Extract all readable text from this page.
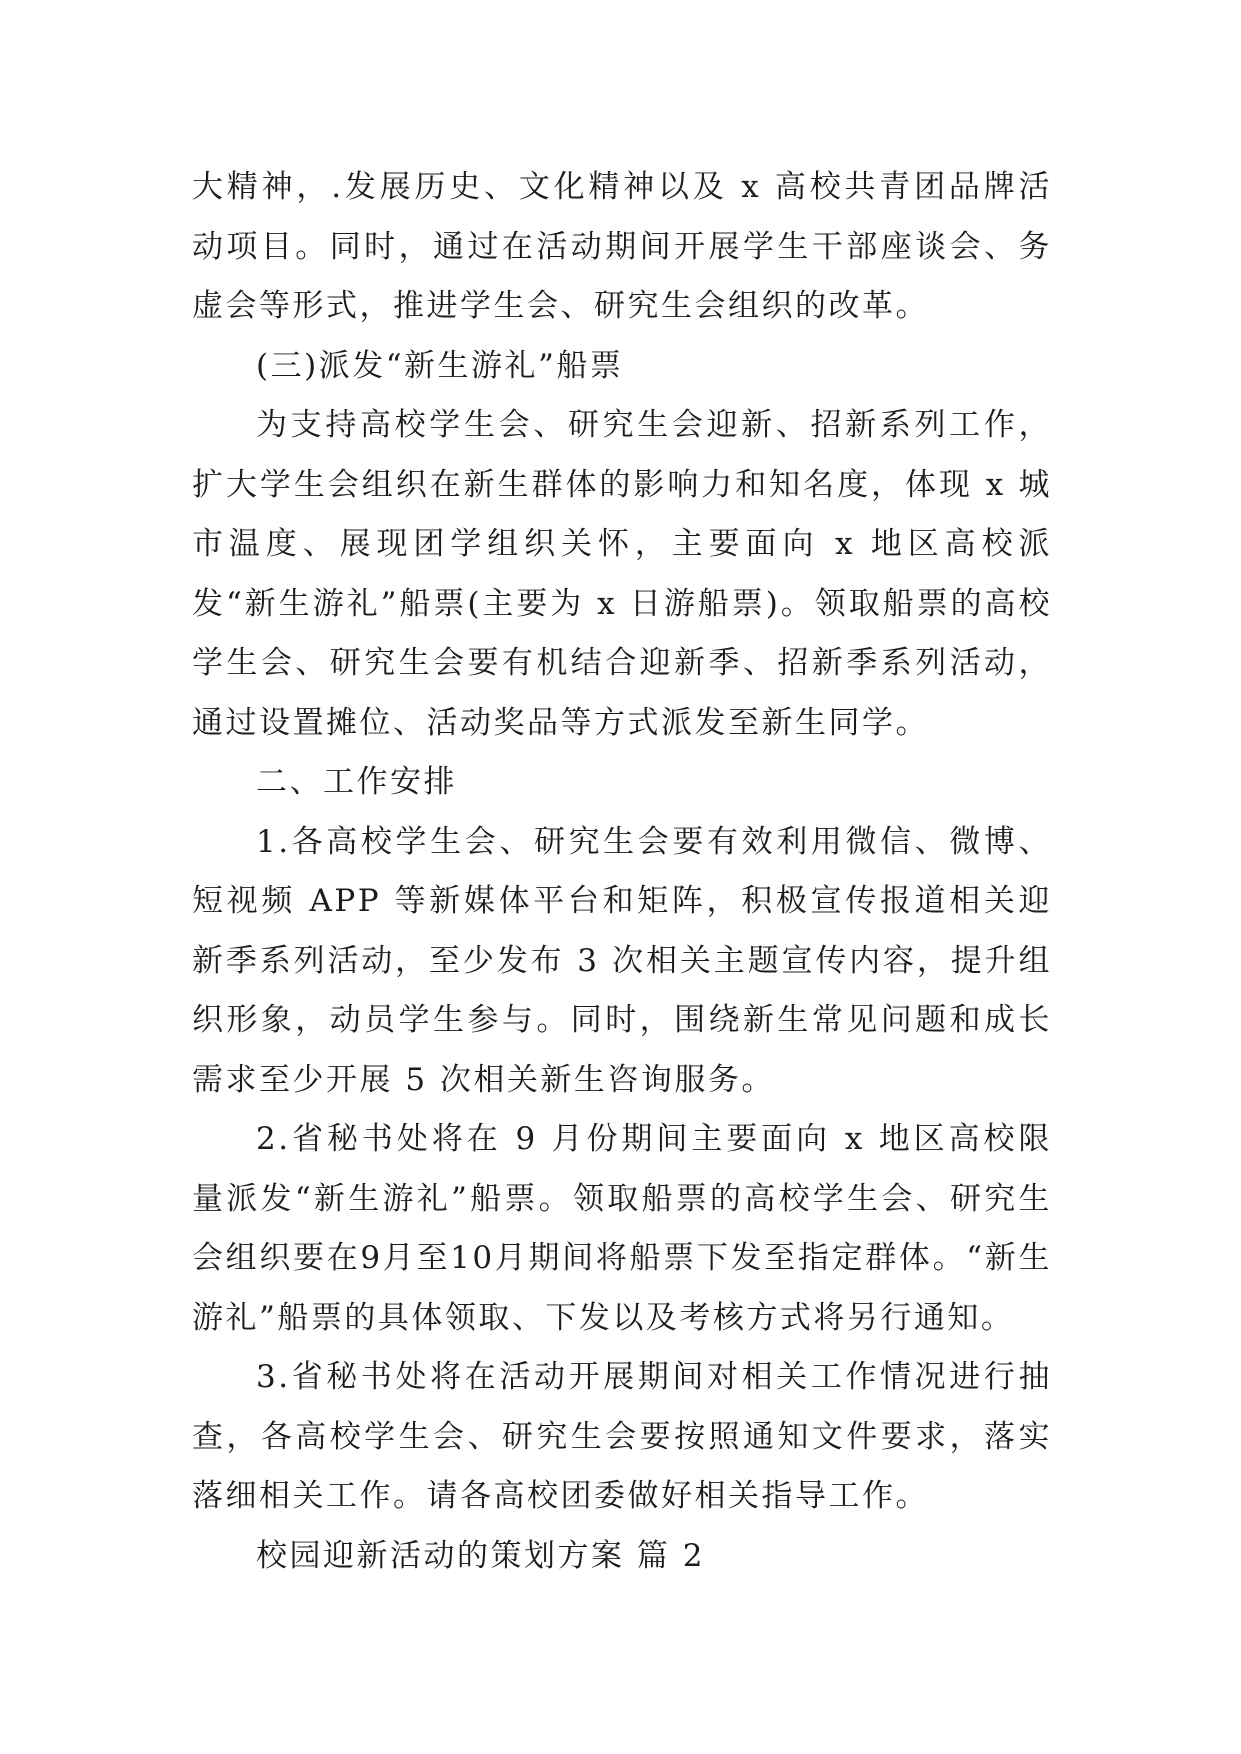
大精神，.发展历史、文化精神以及 x 高校共青团品牌活动项目。同时，通过在活动期间开展学生干部座谈会、务虚会等形式，推进学生会、研究生会组织的改革。

(三)派发“新生游礼”船票

为支持高校学生会、研究生会迎新、招新系列工作，扩大学生会组织在新生群体的影响力和知名度，体现 x 城市温度、展现团学组织关怀，主要面向 x 地区高校派发“新生游礼”船票(主要为 x 日游船票)。领取船票的高校学生会、研究生会要有机结合迎新季、招新季系列活动，通过设置摊位、活动奖品等方式派发至新生同学。

二、工作安排

1.各高校学生会、研究生会要有效利用微信、微博、短视频 APP 等新媒体平台和矩阵，积极宣传报道相关迎新季系列活动，至少发布 3 次相关主题宣传内容，提升组织形象，动员学生参与。同时，围绕新生常见问题和成长需求至少开展 5 次相关新生咨询服务。

2.省秘书处将在 9 月份期间主要面向 x 地区高校限量派发“新生游礼”船票。领取船票的高校学生会、研究生会组织要在9月至10月期间将船票下发至指定群体。“新生游礼”船票的具体领取、下发以及考核方式将另行通知。

3.省秘书处将在活动开展期间对相关工作情况进行抽查，各高校学生会、研究生会要按照通知文件要求，落实落细相关工作。请各高校团委做好相关指导工作。

校园迎新活动的策划方案 篇 2
